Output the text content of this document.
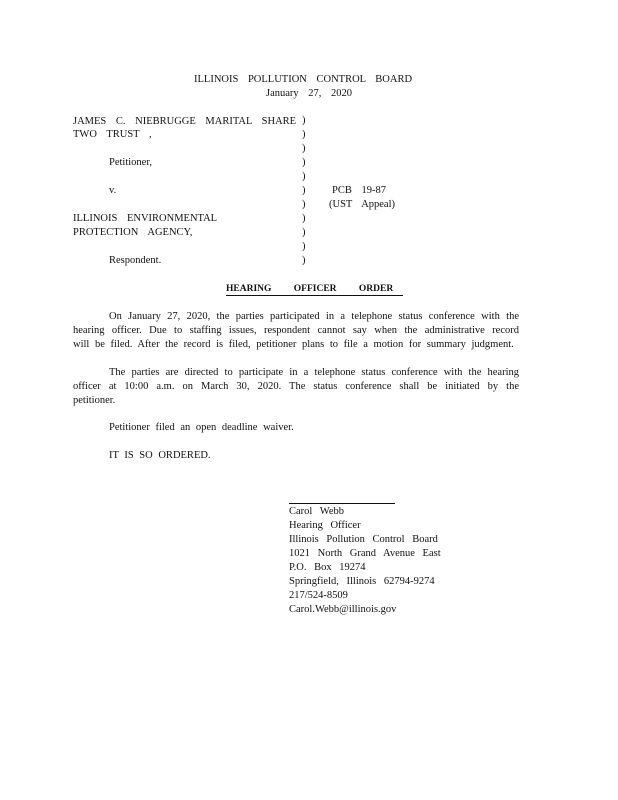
ILLINOIS POLLUTION CONTROL BOARD
January 27, 2020
JAMES C. NIEBRUGGE MARITAL SHARE
TWO TRUST ,
Petitioner,
v.
ILLINOIS ENVIRONMENTAL
PROTECTION AGENCY,
Respondent.
)
)
)
)
)
)
)
)
)
)
)
PCB 19-87
(UST Appeal)
HEARING OFFICER ORDER
On January 27, 2020, the parties participated in a telephone status conference with the hearing officer. Due to staffing issues, respondent cannot say when the administrative record will be filed. After the record is filed, petitioner plans to file a motion for summary judgment.
The parties are directed to participate in a telephone status conference with the hearing officer at 10:00 a.m. on March 30, 2020. The status conference shall be initiated by the petitioner.
Petitioner filed an open deadline waiver.
IT IS SO ORDERED.
Carol Webb
Hearing Officer
Illinois Pollution Control Board
1021 North Grand Avenue East
P.O. Box 19274
Springfield, Illinois 62794-9274
217/524-8509
Carol.Webb@illinois.gov
